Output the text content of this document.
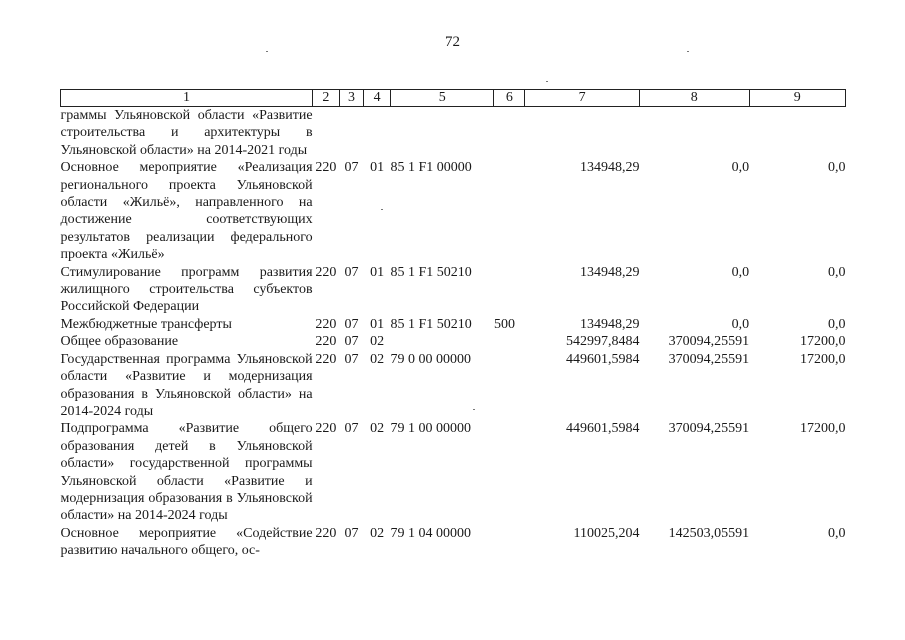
72
1	2	3	4	5	6	7	8	9
граммы Ульяновской области «Развитие строительства и архитектуры в Ульяновской области» на 2014-2021 годы								
Основное мероприятие «Реализация регионального проекта Ульяновской области «Жильё», направленного на достижение соответствующих результатов реализации федерального проекта «Жильё»	220	07	01	85 1 F1 00000		134948,29	0,0	0,0
Стимулирование программ развития жилищного строительства субъектов Российской Федерации	220	07	01	85 1 F1 50210		134948,29	0,0	0,0
Межбюджетные трансферты	220	07	01	85 1 F1 50210	500	134948,29	0,0	0,0
Общее образование	220	07	02			542997,8484	370094,25591	17200,0
Государственная программа Ульяновской области «Развитие и модернизация образования в Ульяновской области» на 2014-2024 годы	220	07	02	79 0 00 00000		449601,5984	370094,25591	17200,0
Подпрограмма «Развитие общего образования детей в Ульяновской области» государственной программы Ульяновской области «Развитие и модернизация образования в Ульяновской области» на 2014-2024 годы	220	07	02	79 1 00 00000		449601,5984	370094,25591	17200,0
Основное мероприятие «Содействие развитию начального общего, ос-	220	07	02	79 1 04 00000		110025,204	142503,05591	0,0
